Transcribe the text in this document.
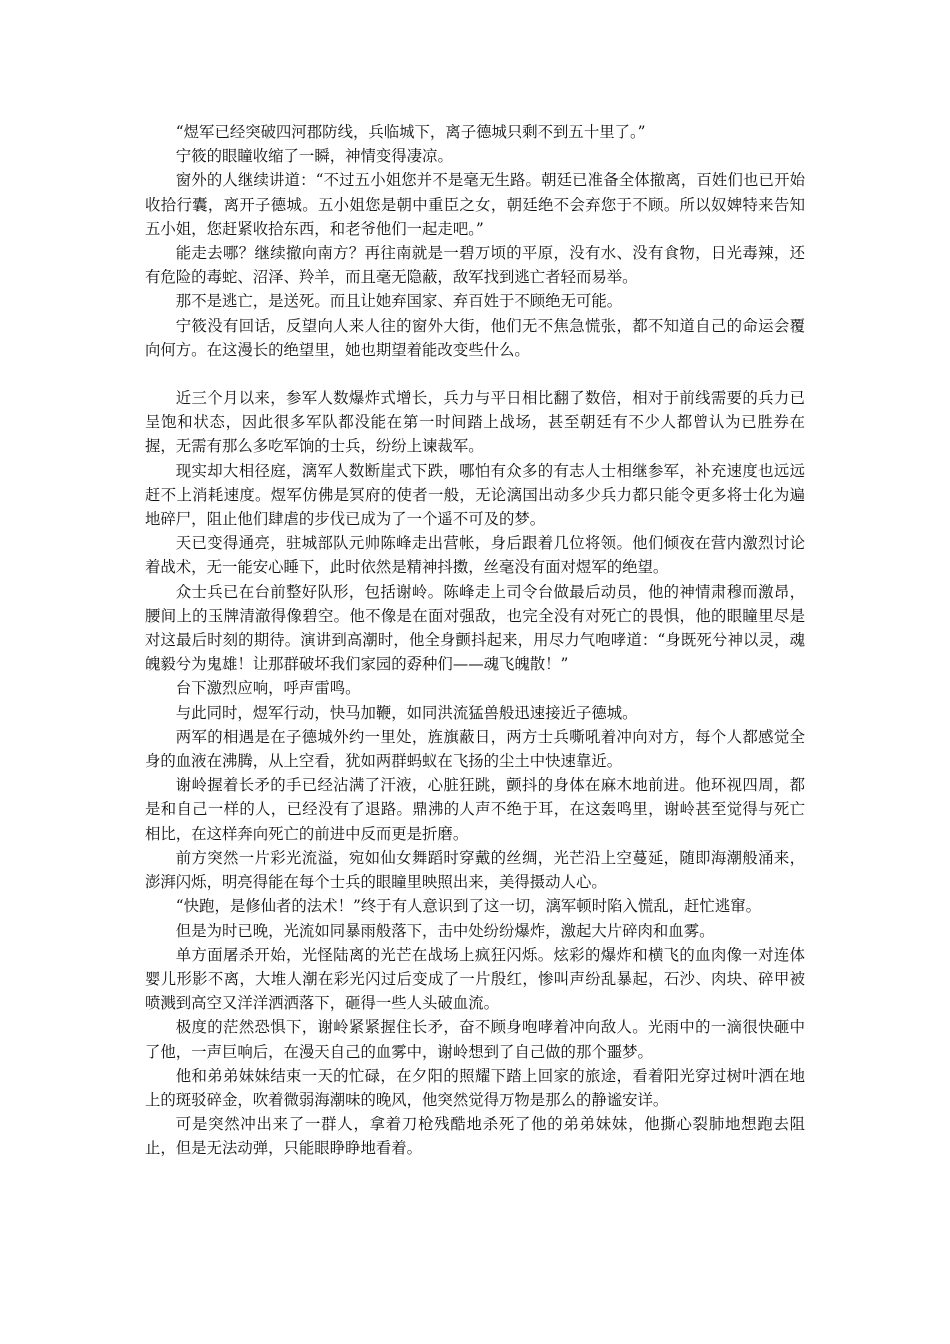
“煜军已经突破四河郡防线，兵临城下，离子德城只剩不到五十里了。”

宁筱的眼瞳收缩了一瞬，神情变得凄凉。

窗外的人继续讲道：“不过五小姐您并不是毫无生路。朝廷已准备全体撤离，百姓们也已开始收拾行囊，离开子德城。五小姐您是朝中重臣之女，朝廷绝不会弃您于不顾。所以奴婢特来告知五小姐，您赶紧收拾东西，和老爷他们一起走吧。”

能走去哪？继续撤向南方？再往南就是一碧万顷的平原，没有水、没有食物，日光毒辣，还有危险的毒蛇、沼泽、羚羊，而且毫无隐蔽，敌军找到逃亡者轻而易举。

那不是逃亡，是送死。而且让她弃国家、弃百姓于不顾绝无可能。

宁筱没有回话，反望向人来人往的窗外大街，他们无不焦急慌张，都不知道自己的命运会覆向何方。在这漫长的绝望里，她也期望着能改变些什么。

近三个月以来，参军人数爆炸式增长，兵力与平日相比翻了数倍，相对于前线需要的兵力已呈饱和状态，因此很多军队都没能在第一时间踏上战场，甚至朝廷有不少人都曾认为已胜券在握，无需有那么多吃军饷的士兵，纷纷上谏裁军。

现实却大相径庭，漓军人数断崖式下跌，哪怕有众多的有志人士相继参军，补充速度也远远赶不上消耗速度。煜军仿佛是冥府的使者一般，无论漓国出动多少兵力都只能令更多将士化为遍地碎尸，阻止他们肆虐的步伐已成为了一个遥不可及的梦。

天已变得通亮，驻城部队元帅陈峰走出营帐，身后跟着几位将领。他们倾夜在营内激烈讨论着战术，无一能安心睡下，此时依然是精神抖擞，丝毫没有面对煜军的绝望。

众士兵已在台前整好队形，包括谢岭。陈峰走上司令台做最后动员，他的神情肃穆而激昂，腰间上的玉牌清澈得像碧空。他不像是在面对强敌，也完全没有对死亡的畏惧，他的眼瞳里尽是对这最后时刻的期待。演讲到高潮时，他全身颤抖起来，用尽力气咆哮道：“身既死兮神以灵，魂魄毅兮为鬼雄！让那群破坏我们家园的孬种们——魂飞魄散！”

台下激烈应响，呼声雷鸣。

与此同时，煜军行动，快马加鞭，如同洪流猛兽般迅速接近子德城。

两军的相遇是在子德城外约一里处，旌旗蔽日，两方士兵嘶吼着冲向对方，每个人都感觉全身的血液在沸腾，从上空看，犹如两群蚂蚁在飞扬的尘土中快速靠近。

谢岭握着长矛的手已经沾满了汗液，心脏狂跳，颤抖的身体在麻木地前进。他环视四周，都是和自己一样的人，已经没有了退路。鼎沸的人声不绝于耳，在这轰鸣里，谢岭甚至觉得与死亡相比，在这样奔向死亡的前进中反而更是折磨。

前方突然一片彩光流溢，宛如仙女舞蹈时穿戴的丝绸，光芒沿上空蔓延，随即海潮般涌来，澎湃闪烁，明亮得能在每个士兵的眼瞳里映照出来，美得摄动人心。

“快跑，是修仙者的法术！”终于有人意识到了这一切，漓军顿时陷入慌乱，赶忙逃窜。

但是为时已晚，光流如同暴雨般落下，击中处纷纷爆炸，激起大片碎肉和血雾。

单方面屠杀开始，光怪陆离的光芒在战场上疯狂闪烁。炫彩的爆炸和横飞的血肉像一对连体婴儿形影不离，大堆人潮在彩光闪过后变成了一片殷红，惨叫声纷乱暴起，石沙、肉块、碎甲被喷溅到高空又洋洋洒洒落下，砸得一些人头破血流。

极度的茫然恐惧下，谢岭紧紧握住长矛，奋不顾身咆哮着冲向敌人。光雨中的一滴很快砸中了他，一声巨响后，在漫天自己的血雾中，谢岭想到了自己做的那个噩梦。

他和弟弟妹妹结束一天的忙碌，在夕阳的照耀下踏上回家的旅途，看着阳光穿过树叶洒在地上的斑驳碎金，吹着微弱海潮味的晚风，他突然觉得万物是那么的静谧安详。

可是突然冲出来了一群人，拿着刀枪残酷地杀死了他的弟弟妹妹，他撕心裂肺地想跑去阻止，但是无法动弹，只能眼睁睁地看着。
